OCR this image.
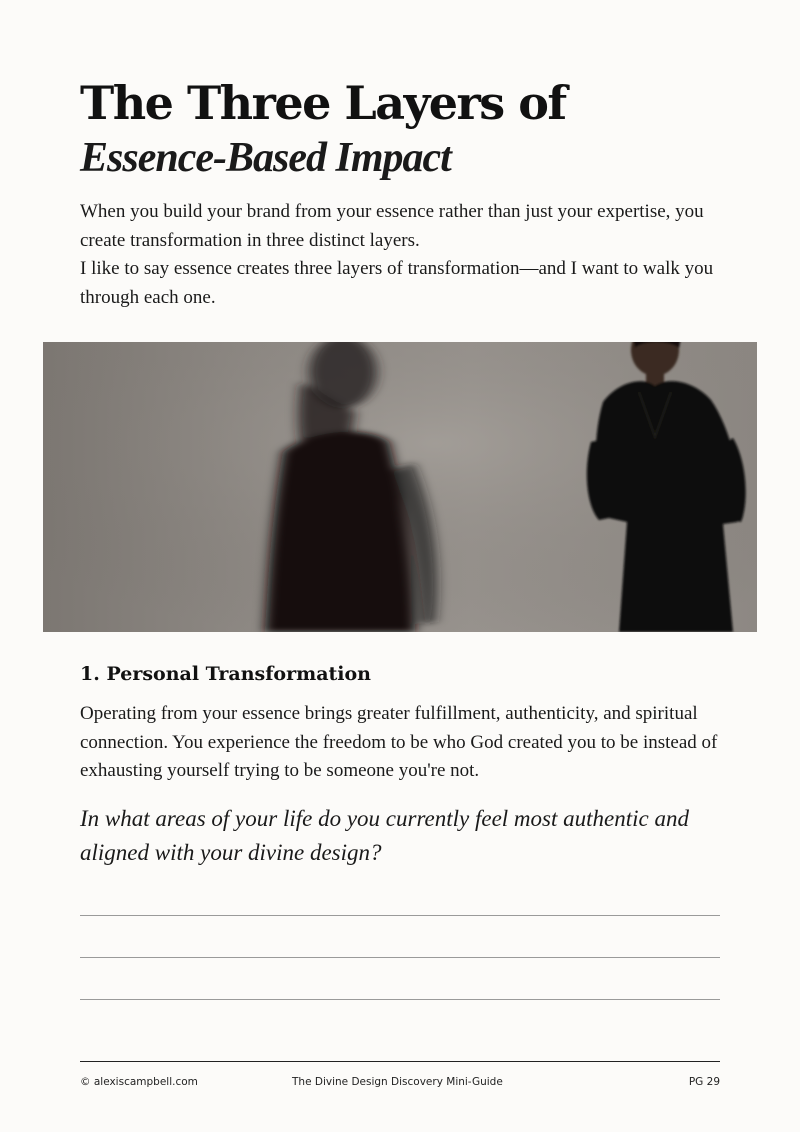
The Three Layers of
Essence-Based Impact

When you build your brand from your essence rather than just your expertise, you create transformation in three distinct layers.

I like to say essence creates three layers of transformation—and I want to walk you through each one.

1. Personal Transformation

Operating from your essence brings greater fulfillment, authenticity, and spiritual connection. You experience the freedom to be who God created you to be instead of exhausting yourself trying to be someone you're not.

In what areas of your life do you currently feel most authentic and aligned with your divine design?

© alexiscampbell.com	The Divine Design Discovery Mini-Guide	PG 29
